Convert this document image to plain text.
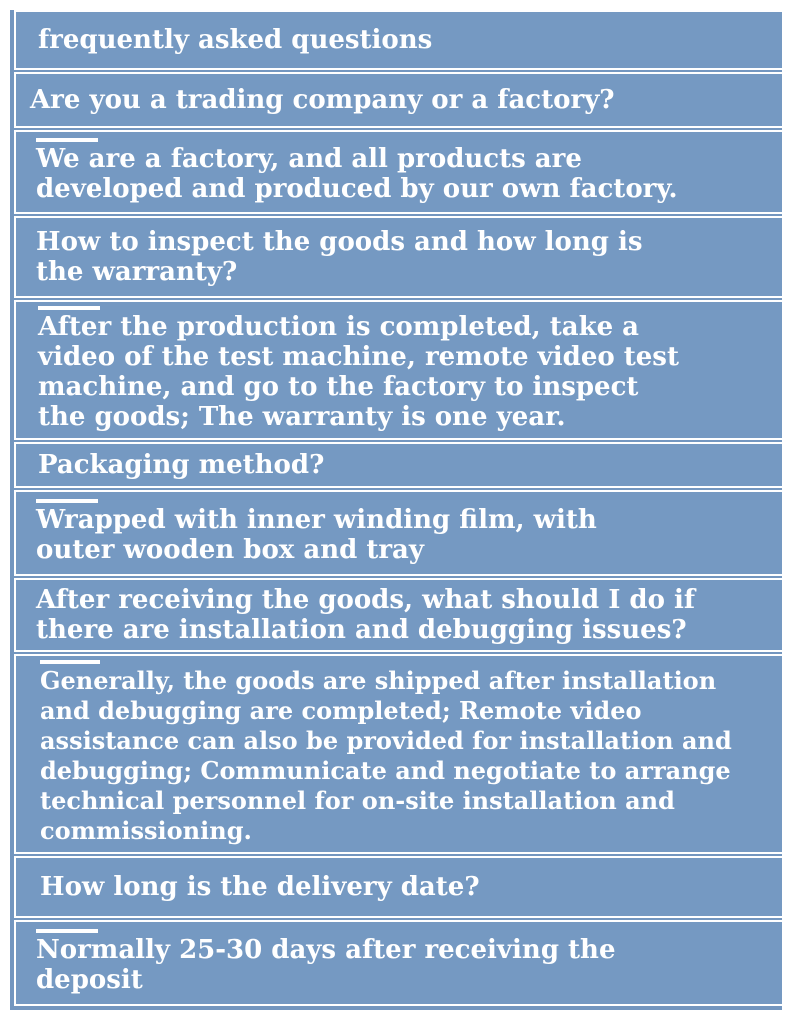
frequently asked questions
Are you a trading company or a factory?
We are a factory, and all products are developed and produced by our own factory.
How to inspect the goods and how long is the warranty?
After the production is completed, take a video of the test machine, remote video test machine, and go to the factory to inspect the goods; The warranty is one year.
Packaging method?
Wrapped with inner winding film, with outer wooden box and tray
After receiving the goods, what should I do if there are installation and debugging issues?
Generally, the goods are shipped after installation and debugging are completed; Remote video assistance can also be provided for installation and debugging; Communicate and negotiate to arrange technical personnel for on-site installation and commissioning.
How long is the delivery date?
Normally 25-30 days after receiving the deposit
